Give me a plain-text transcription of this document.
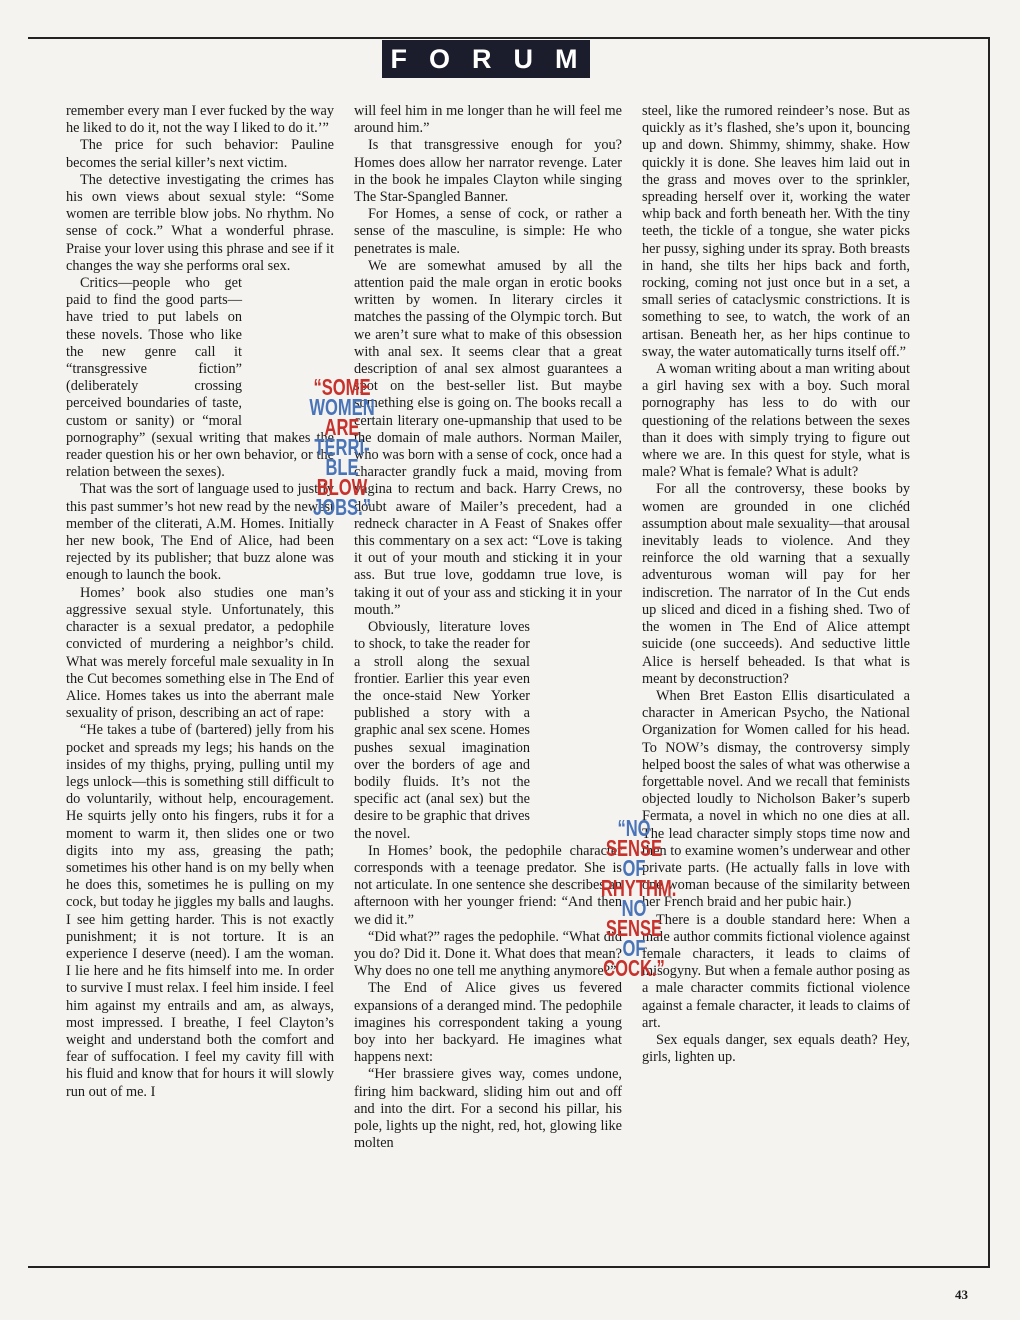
FORUM

remember every man I ever fucked by the way he liked to do it, not the way I liked to do it.’”

The price for such behavior: Pauline becomes the serial killer’s next victim.

The detective investigating the crimes has his own views about sexual style: “Some women are terrible blow jobs. No rhythm. No sense of cock.” What a wonderful phrase. Praise your lover using this phrase and see if it changes the way she performs oral sex.

Critics—people who get paid to find the good parts—have tried to put labels on these novels. Those who like the new genre call it “transgressive fiction” (deliberately crossing perceived boundaries of taste, custom or sanity) or “moral pornography” (sexual writing that makes the reader question his or her own behavior, or the relation between the sexes).

That was the sort of language used to justify this past summer’s hot new read by the newest member of the cliterati, A.M. Homes. Initially her new book, The End of Alice, had been rejected by its publisher; that buzz alone was enough to launch the book.

Homes’ book also studies one man’s aggressive sexual style. Unfortunately, this character is a sexual predator, a pedophile convicted of murdering a neighbor’s child. What was merely forceful male sexuality in In the Cut becomes something else in The End of Alice. Homes takes us into the aberrant male sexuality of prison, describing an act of rape:

“He takes a tube of (bartered) jelly from his pocket and spreads my legs; his hands on the insides of my thighs, prying, pulling until my legs unlock—this is something still difficult to do voluntarily, without help, encouragement. He squirts jelly onto his fingers, rubs it for a moment to warm it, then slides one or two digits into my ass, greasing the path; sometimes his other hand is on my belly when he does this, sometimes he is pulling on my cock, but today he jiggles my balls and laughs. I see him getting harder. This is not exactly punishment; it is not torture. It is an experience I deserve (need). I am the woman. I lie here and he fits himself into me. In order to survive I must relax. I feel him inside. I feel him against my entrails and am, as always, most impressed. I breathe, I feel Clayton’s weight and understand both the comfort and fear of suffocation. I feel my cavity fill with his fluid and know that for hours it will slowly run out of me. I

will feel him in me longer than he will feel me around him.”

Is that transgressive enough for you? Homes does allow her narrator revenge. Later in the book he impales Clayton while singing The Star-Spangled Banner.

For Homes, a sense of cock, or rather a sense of the masculine, is simple: He who penetrates is male.

We are somewhat amused by all the attention paid the male organ in erotic books written by women. In literary circles it matches the passing of the Olympic torch. But we aren’t sure what to make of this obsession with anal sex. It seems clear that a great description of anal sex almost guarantees a spot on the best-seller list. But maybe something else is going on. The books recall a certain literary one-upmanship that used to be the domain of male authors. Norman Mailer, who was born with a sense of cock, once had a character grandly fuck a maid, moving from vagina to rectum and back. Harry Crews, no doubt aware of Mailer’s precedent, had a redneck character in A Feast of Snakes offer this commentary on a sex act: “Love is taking it out of your mouth and sticking it in your ass. But true love, goddamn true love, is taking it out of your ass and sticking it in your mouth.”

Obviously, literature loves to shock, to take the reader for a stroll along the sexual frontier. Earlier this year even the once-staid New Yorker published a story with a graphic anal sex scene. Homes pushes sexual imagination over the borders of age and bodily fluids. It’s not the specific act (anal sex) but the desire to be graphic that drives the novel.

In Homes’ book, the pedophile character corresponds with a teenage predator. She is not articulate. In one sentence she describes an afternoon with her younger friend: “And then we did it.”

“Did what?” rages the pedophile. “What did you do? Did it. Done it. What does that mean? Why does no one tell me anything anymore?”

The End of Alice gives us fevered expansions of a deranged mind. The pedophile imagines his correspondent taking a young boy into her backyard. He imagines what happens next:

“Her brassiere gives way, comes undone, firing him backward, sliding him out and off and into the dirt. For a second his pillar, his pole, lights up the night, red, hot, glowing like molten

steel, like the rumored reindeer’s nose. But as quickly as it’s flashed, she’s upon it, bouncing up and down. Shimmy, shimmy, shake. How quickly it is done. She leaves him laid out in the grass and moves over to the sprinkler, spreading herself over it, working the water whip back and forth beneath her. With the tiny teeth, the tickle of a tongue, she water picks her pussy, sighing under its spray. Both breasts in hand, she tilts her hips back and forth, rocking, coming not just once but in a set, a small series of cataclysmic constrictions. It is something to see, to watch, the work of an artisan. Beneath her, as her hips continue to sway, the water automatically turns itself off.”

A woman writing about a man writing about a girl having sex with a boy. Such moral pornography has less to do with our questioning of the relations between the sexes than it does with simply trying to figure out where we are. In this quest for style, what is male? What is female? What is adult?

For all the controversy, these books by women are grounded in one clichéd assumption about male sexuality—that arousal inevitably leads to violence. And they reinforce the old warning that a sexually adventurous woman will pay for her indiscretion. The narrator of In the Cut ends up sliced and diced in a fishing shed. Two of the women in The End of Alice attempt suicide (one succeeds). And seductive little Alice is herself beheaded. Is that what is meant by deconstruction?

When Bret Easton Ellis disarticulated a character in American Psycho, the National Organization for Women called for his head. To NOW’s dismay, the controversy simply helped boost the sales of what was otherwise a forgettable novel. And we recall that feminists objected loudly to Nicholson Baker’s superb Fermata, a novel in which no one dies at all. The lead character simply stops time now and then to examine women’s underwear and other private parts. (He actually falls in love with one woman because of the similarity between her French braid and her pubic hair.)

There is a double standard here: When a male author commits fictional violence against female characters, it leads to claims of misogyny. But when a female author posing as a male character commits fictional violence against a female character, it leads to claims of art.

Sex equals danger, sex equals death? Hey, girls, lighten up.

“SOME
WOMEN
ARE
TERRI-
BLE
BLOW
JOBS.”
“NO
SENSE
OF
RHYTHM.
NO
SENSE
OF
COCK.”
43
